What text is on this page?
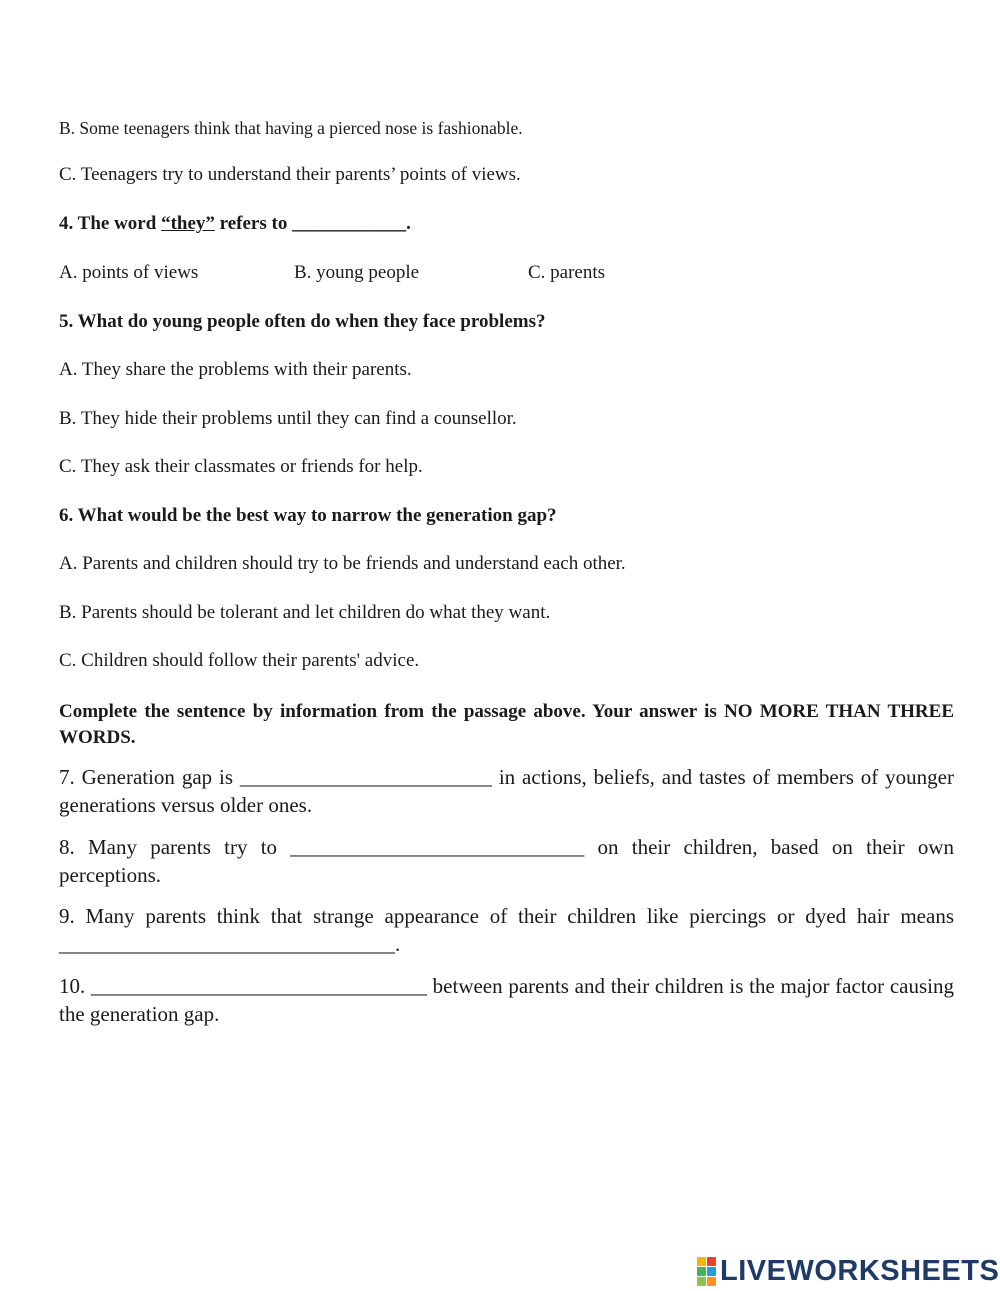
B. Some teenagers think that having a pierced nose is fashionable.
C. Teenagers try to understand their parents’ points of views.
4. The word “they” refers to ____________.
A. points of views	B. young people	C. parents
5. What do young people often do when they face problems?
A. They share the problems with their parents.
B. They hide their problems until they can find a counsellor.
C. They ask their classmates or friends for help.
6. What would be the best way to narrow the generation gap?
A. Parents and children should try to be friends and understand each other.
B. Parents should be tolerant and let children do what they want.
C. Children should follow their parents' advice.
Complete the sentence by information from the passage above. Your answer is NO MORE THAN THREE WORDS.
7. Generation gap is ________________________ in actions, beliefs, and tastes of members of younger generations versus older ones.
8. Many parents try to ____________________________ on their children, based on their own perceptions.
9. Many parents think that strange appearance of their children like piercings or dyed hair means ________________________________.
10. ________________________________ between parents and their children is the major factor causing the generation gap.
LIVEWORKSHEETS
